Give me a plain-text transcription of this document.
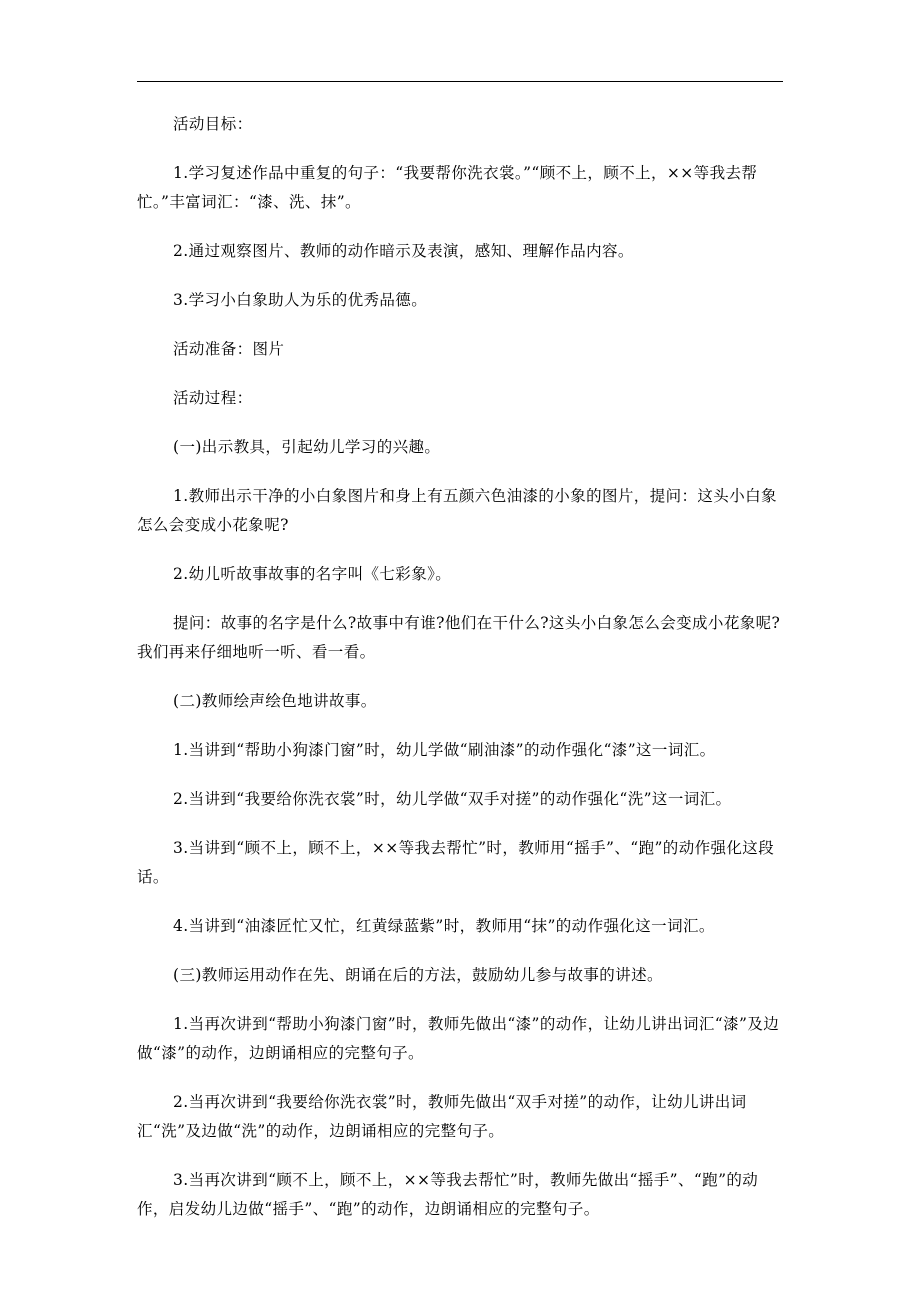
活动目标：

1.学习复述作品中重复的句子：“我要帮你洗衣裳。”“顾不上，顾不上，××等我去帮忙。”丰富词汇：“漆、洗、抹”。

2.通过观察图片、教师的动作暗示及表演，感知、理解作品内容。

3.学习小白象助人为乐的优秀品德。

活动准备：图片

活动过程：

(一)出示教具，引起幼儿学习的兴趣。

1.教师出示干净的小白象图片和身上有五颜六色油漆的小象的图片，提问：这头小白象怎么会变成小花象呢?

2.幼儿听故事故事的名字叫《七彩象》。

提问：故事的名字是什么?故事中有谁?他们在干什么?这头小白象怎么会变成小花象呢?我们再来仔细地听一听、看一看。

(二)教师绘声绘色地讲故事。

1.当讲到“帮助小狗漆门窗”时，幼儿学做“刷油漆”的动作强化“漆”这一词汇。

2.当讲到“我要给你洗衣裳”时，幼儿学做“双手对搓”的动作强化“洗”这一词汇。

3.当讲到“顾不上，顾不上，××等我去帮忙”时，教师用“摇手”、“跑”的动作强化这段话。

4.当讲到“油漆匠忙又忙，红黄绿蓝紫”时，教师用“抹”的动作强化这一词汇。

(三)教师运用动作在先、朗诵在后的方法，鼓励幼儿参与故事的讲述。

1.当再次讲到“帮助小狗漆门窗”时，教师先做出“漆”的动作，让幼儿讲出词汇“漆”及边做“漆”的动作，边朗诵相应的完整句子。

2.当再次讲到“我要给你洗衣裳”时，教师先做出“双手对搓”的动作，让幼儿讲出词汇“洗”及边做“洗”的动作，边朗诵相应的完整句子。

3.当再次讲到“顾不上，顾不上，××等我去帮忙”时，教师先做出“摇手”、“跑”的动作，启发幼儿边做“摇手”、“跑”的动作，边朗诵相应的完整句子。
